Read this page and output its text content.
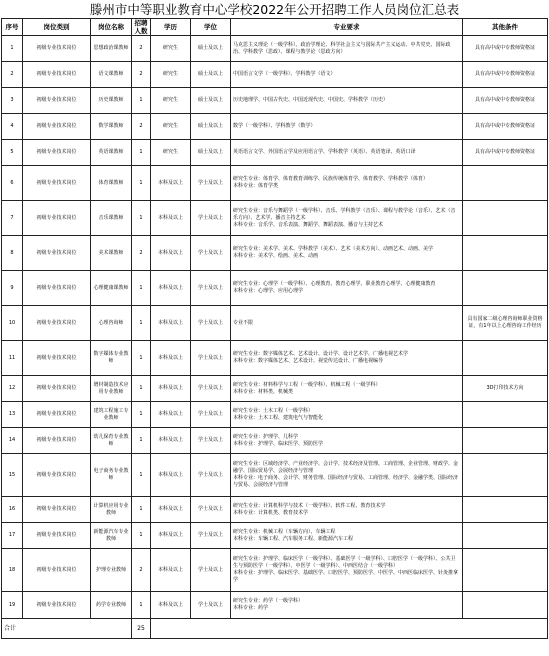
滕州市中等职业教育中心学校2022年公开招聘工作人员岗位汇总表
序号	岗位类别	岗位名称	招聘人数	学历	学位	专业要求	其他条件
1	初级专业技术岗位	思想政治课教师	2	研究生	硕士及以上	马克思主义理论（一级学科）、政治学理论、科学社会主义与国际共产主义运动、中共党史、国际政治、学科教学（思政）、课程与教学论（思政方向）	具有高中或中专教师资格证
2	初级专业技术岗位	语文课教师	2	研究生	硕士及以上	中国语言文学（一级学科）、学科教学（语文）	具有高中或中专教师资格证
3	初级专业技术岗位	历史课教师	1	研究生	硕士及以上	历史地理学、中国古代史、中国近现代史、中国史、学科教学（历史）	具有高中或中专教师资格证
4	初级专业技术岗位	数学课教师	2	研究生	硕士及以上	数学（一级学科）、学科教学（数学）	具有高中或中专教师资格证
5	初级专业技术岗位	英语课教师	1	研究生	硕士及以上	英语语言文学、外国语言学及应用语言学、学科教学（英语）、英语笔译、英语口译	具有高中或中专教师资格证
6	初级专业技术岗位	体育课教师	1	本科及以上	学士及以上	研究生专业：体育学、体育教育训练学、民族传统体育学、体育教学、学科教学（体育）
本科专业：体育学类	
7	初级专业技术岗位	音乐课教师	1	本科及以上	学士及以上	研究生专业：音乐与舞蹈学（一级学科）、音乐、学科教学（音乐）、课程与教学论（音乐）、艺术（音乐方向）、艺术学、播音主持艺术
本科专业：音乐学、音乐表演、舞蹈学、舞蹈表演、播音与主持艺术	
8	初级专业技术岗位	美术课教师	2	本科及以上	学士及以上	研究生专业：美术学、美术、学科教学（美术）、艺术（美术方向）、动画艺术、动画、美学
本科专业：美术学、绘画、美术、动画	
9	初级专业技术岗位	心理健康课教师	1	本科及以上	学士及以上	研究生专业：心理学（一级学科）、心理教育、教育心理学、职业教育心理学、心理健康教育
本科专业：心理学、应用心理学	
10	初级专业技术岗位	心理咨询师	1	本科及以上	学士及以上	专业不限	具有国家二级心理咨询师职业资格证，有1年以上心理咨询工作经历
11	初级专业技术岗位	数字媒体专业教师	1	本科及以上	学士及以上	研究生专业：数字媒体艺术、艺术设计、设计学、设计艺术学、广播电视艺术学
本科专业：数字媒体艺术、艺术设计、视觉传达设计、广播电视编导	
12	初级专业技术岗位	增材制造技术应用专业教师	1	本科及以上	学士及以上	研究生专业：材料科学与工程（一级学科）、机械工程（一级学科）
本科专业：材料类、机械类	3D打印技术方向
13	初级专业技术岗位	建筑工程施工专业教师	1	本科及以上	学士及以上	研究生专业：土木工程（一级学科）
本科专业：土木工程、建筑电气与智能化	
14	初级专业技术岗位	幼儿保育专业教师	1	本科及以上	学士及以上	研究生专业：护理学、儿科学
本科专业：护理学、临床医学、预防医学	
15	初级专业技术岗位	电子商务专业教师	1	本科及以上	学士及以上	研究生专业：区域经济学、产业经济学、会计学、技术经济及管理、工商管理、企业管理、财政学、金融学、国际贸易学、会展经济与管理
本科专业：电子商务、会计学、财务管理、国际经济与贸易、工商管理、经济学、金融学类、国际经济与贸易、会展经济与管理	
16	初级专业技术岗位	计算机应用专业教师	1	本科及以上	学士及以上	研究生专业：计算机科学与技术（一级学科）、软件工程、教育技术学
本科专业：计算机类、教育技术学	
17	初级专业技术岗位	新能源汽车专业教师	1	本科及以上	学士及以上	研究生专业：机械工程（车辆方向）、车辆工程
本科专业：车辆工程、汽车服务工程、新能源汽车工程	
18	初级专业技术岗位	护理专业教师	2	本科及以上	学士及以上	研究生专业：护理学、临床医学（一级学科）、基础医学（一级学科）、口腔医学（一级学科）、公共卫生与预防医学（一级学科）、中医学（一级学科）、中西医结合（一级学科）
本科专业：护理学、临床医学、基础医学、口腔医学、预防医学、中医学、中西医临床医学、针灸推拿学	
19	初级专业技术岗位	药学专业教师	1	本科及以上	学士及以上	研究生专业：药学（一级学科）
本科专业：药学	
合计			25				
